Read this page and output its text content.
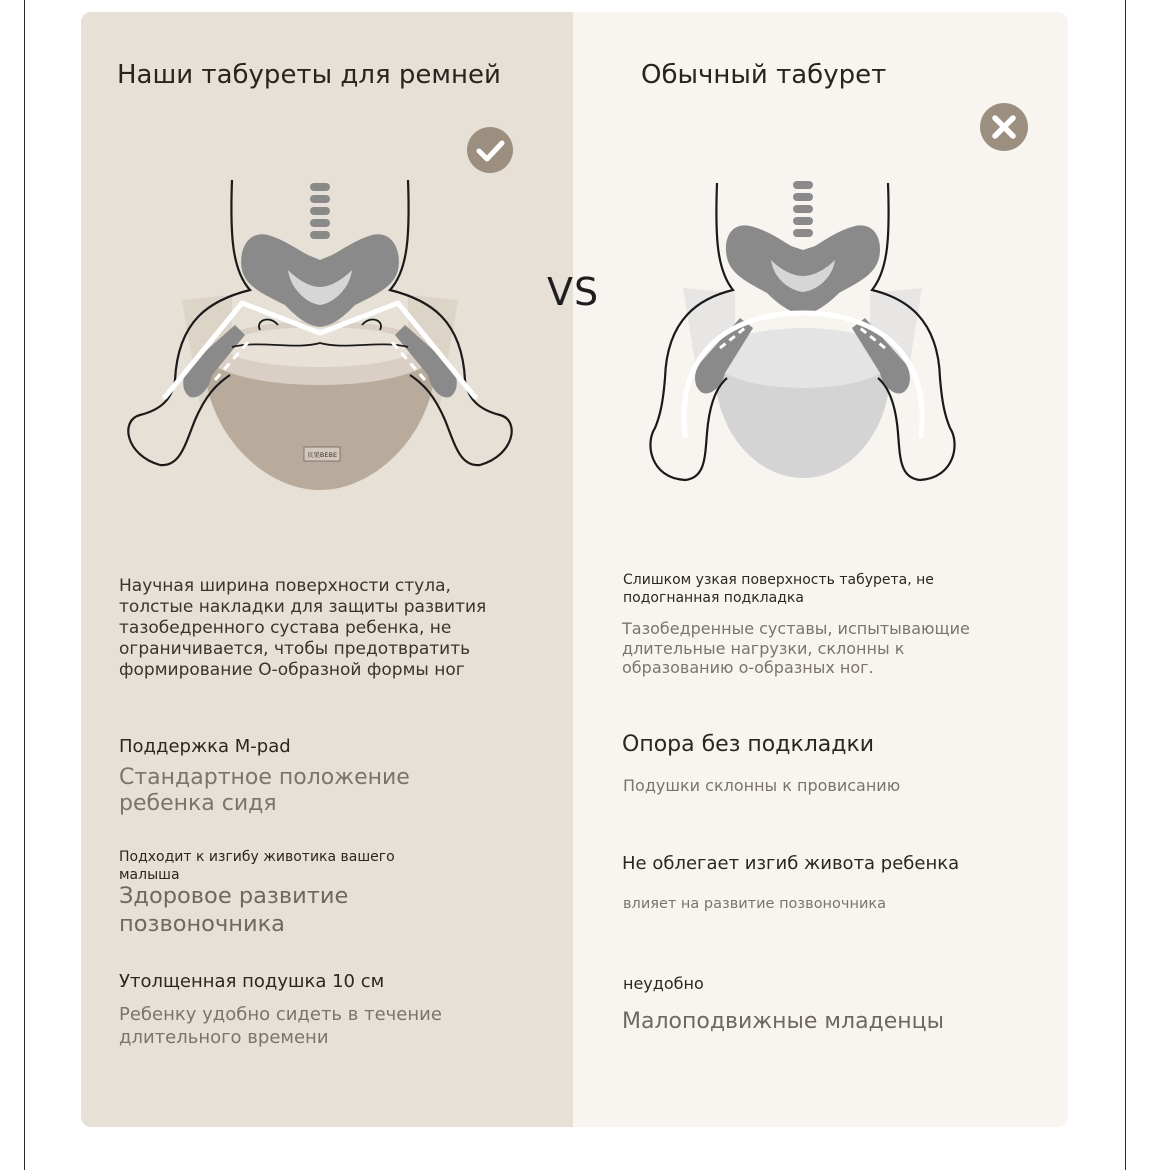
Наши табуреты для ремней	Обычный табурет
VS
贝果BEBE
Научная ширина поверхности стула, толстые накладки для защиты развития тазобедренного сустава ребенка, не ограничивается, чтобы предотвратить формирование О-образной формы ног
Слишком узкая поверхность табурета, не подогнанная подкладка
Тазобедренные суставы, испытывающие длительные нагрузки, склонны к образованию о-образных ног.
Поддержка M-pad
Стандартное положение ребенка сидя
Подходит к изгибу животика вашего малыша
Здоровое развитие позвоночника
Утолщенная подушка 10 см
Ребенку удобно сидеть в течение длительного времени
Опора без подкладки
Подушки склонны к провисанию
Не облегает изгиб живота ребенка
влияет на развитие позвоночника
неудобно
Малоподвижные младенцы
